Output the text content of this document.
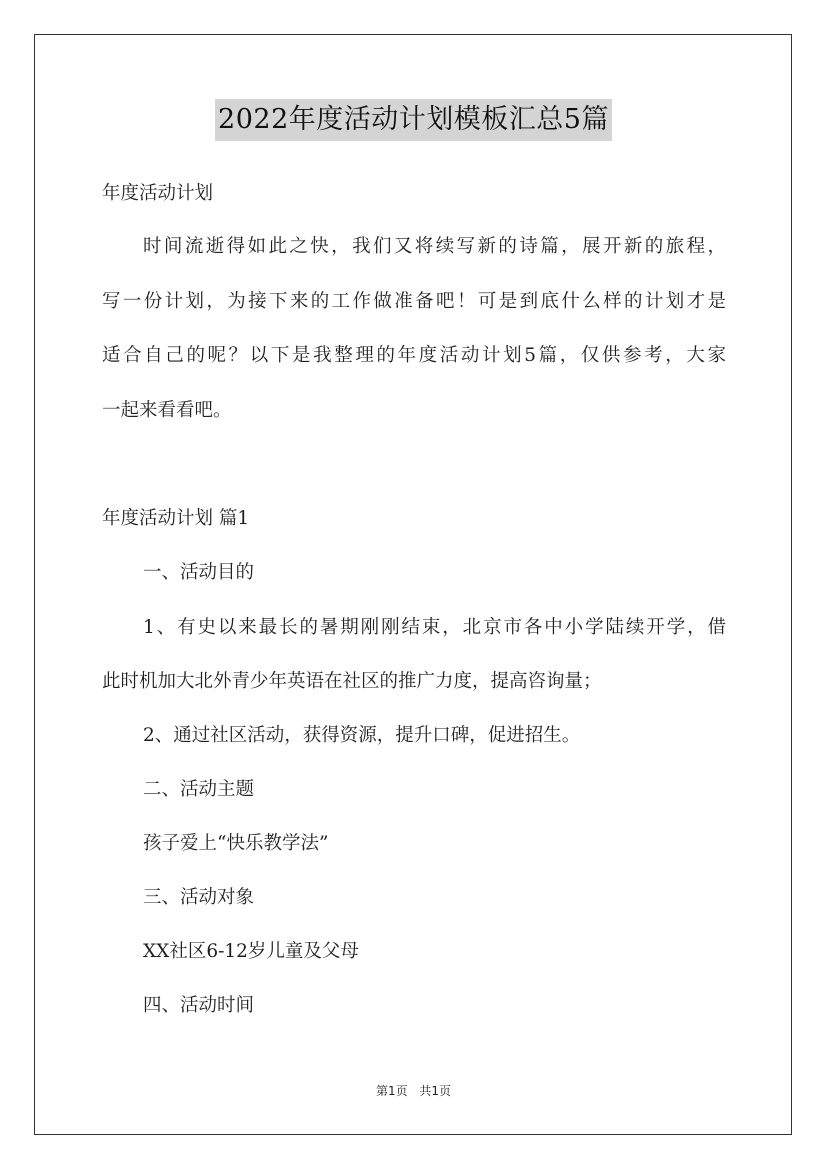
2022年度活动计划模板汇总5篇
年度活动计划
时间流逝得如此之快，我们又将续写新的诗篇，展开新的旅程，
写一份计划，为接下来的工作做准备吧！可是到底什么样的计划才是
适合自己的呢？以下是我整理的年度活动计划5篇，仅供参考，大家
一起来看看吧。
年度活动计划 篇1
一、活动目的
1、有史以来最长的暑期刚刚结束，北京市各中小学陆续开学，借
此时机加大北外青少年英语在社区的推广力度，提高咨询量；
2、通过社区活动，获得资源，提升口碑，促进招生。
二、活动主题
孩子爱上“快乐教学法”
三、活动对象
XX社区6-12岁儿童及父母
四、活动时间
第1页 共1页
